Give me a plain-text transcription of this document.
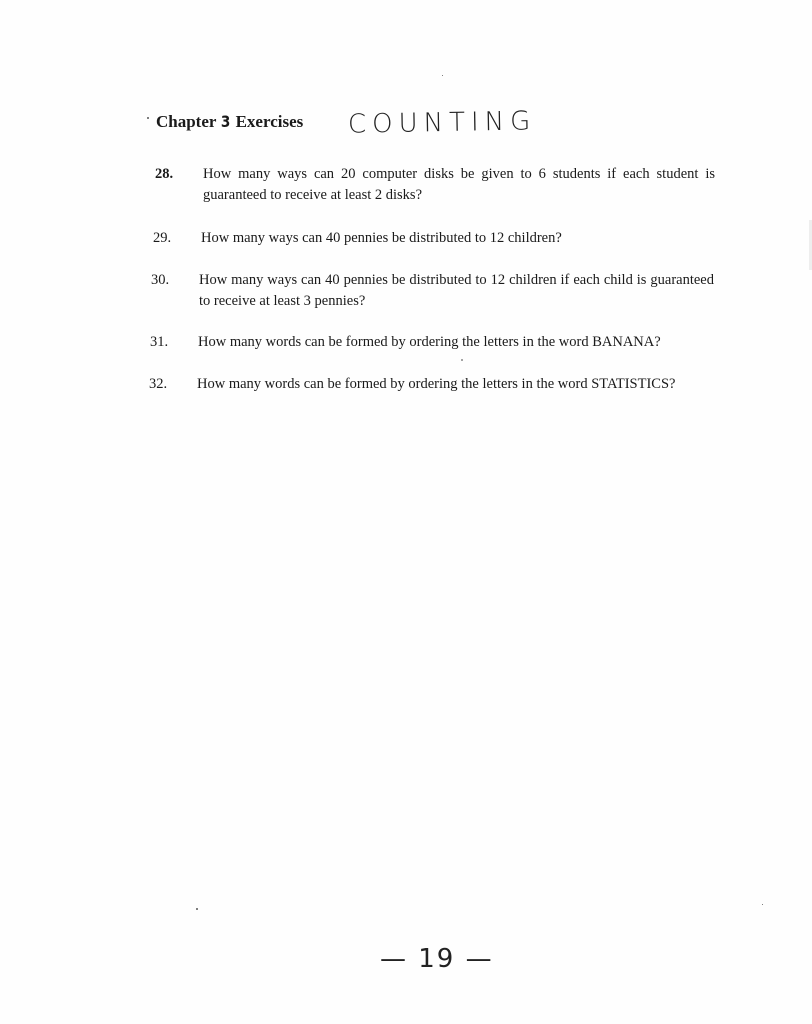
Chapter 3 Exercises COUNTING
28.	How many ways can 20 computer disks be given to 6 students if each student is guaranteed to receive at least 2 disks?
29.	How many ways can 40 pennies be distributed to 12 children?
30.	How many ways can 40 pennies be distributed to 12 children if each child is guaranteed to receive at least 3 pennies?
31.	How many words can be formed by ordering the letters in the word BANANA?
32.	How many words can be formed by ordering the letters in the word STATISTICS?
— 19 —
